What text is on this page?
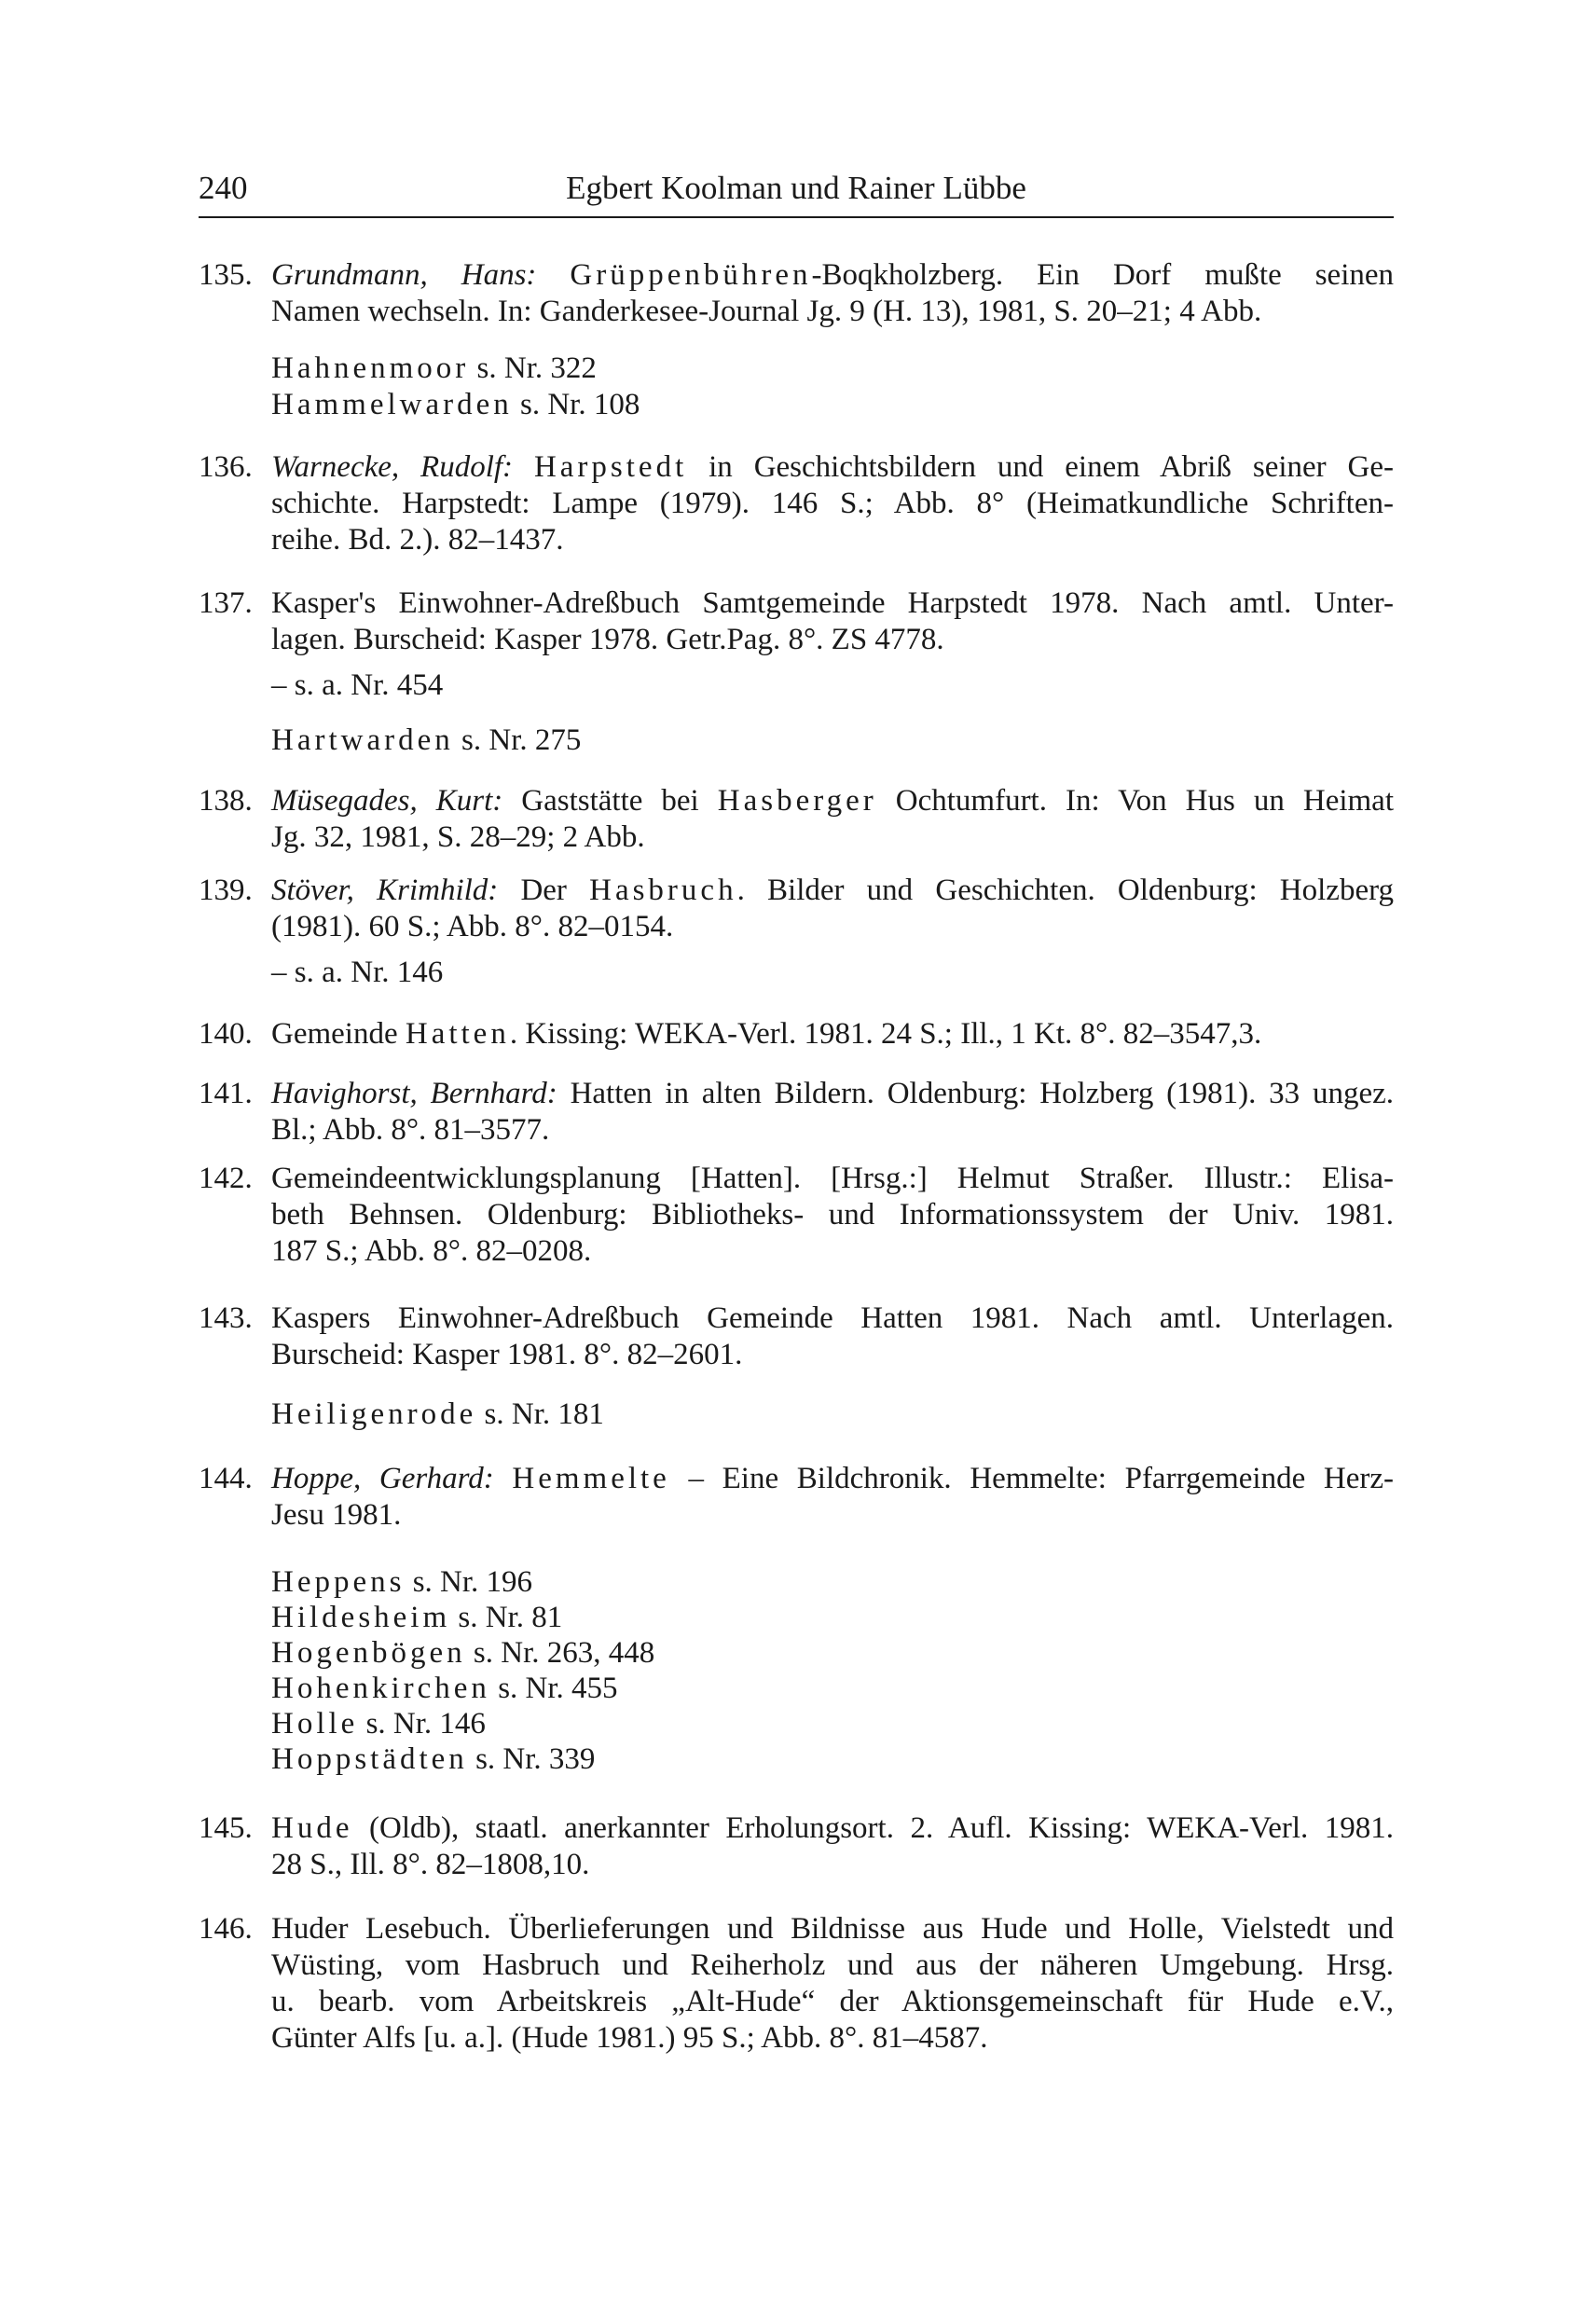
240	Egbert Koolman und Rainer Lübbe
135. Grundmann, Hans: Grüppenbühren-Boqkholzberg. Ein Dorf mußte seinen
Namen wechseln. In: Ganderkesee-Journal Jg. 9 (H. 13), 1981, S. 20–21; 4 Abb.
Hahnenmoor s. Nr. 322
Hammelwarden s. Nr. 108
136. Warnecke, Rudolf: Harpstedt in Geschichtsbildern und einem Abriß seiner Ge-
schichte. Harpstedt: Lampe (1979). 146 S.; Abb. 8° (Heimatkundliche Schriften-
reihe. Bd. 2.). 82–1437.
137. Kasper's Einwohner-Adreßbuch Samtgemeinde Harpstedt 1978. Nach amtl. Unter-
lagen. Burscheid: Kasper 1978. Getr.Pag. 8°. ZS 4778.
– s. a. Nr. 454
Hartwarden s. Nr. 275
138. Müsegades, Kurt: Gaststätte bei Hasberger Ochtumfurt. In: Von Hus un Heimat
Jg. 32, 1981, S. 28–29; 2 Abb.
139. Stöver, Krimhild: Der Hasbruch. Bilder und Geschichten. Oldenburg: Holzberg
(1981). 60 S.; Abb. 8°. 82–0154.
– s. a. Nr. 146
140. Gemeinde Hatten. Kissing: WEKA-Verl. 1981. 24 S.; Ill., 1 Kt. 8°. 82–3547,3.
141. Havighorst, Bernhard: Hatten in alten Bildern. Oldenburg: Holzberg (1981). 33 ungez.
Bl.; Abb. 8°. 81–3577.
142. Gemeindeentwicklungsplanung [Hatten]. [Hrsg.:] Helmut Straßer. Illustr.: Elisa-
beth Behnsen. Oldenburg: Bibliotheks- und Informationssystem der Univ. 1981.
187 S.; Abb. 8°. 82–0208.
143. Kaspers Einwohner-Adreßbuch Gemeinde Hatten 1981. Nach amtl. Unterlagen.
Burscheid: Kasper 1981. 8°. 82–2601.
Heiligenrode s. Nr. 181
144. Hoppe, Gerhard: Hemmelte – Eine Bildchronik. Hemmelte: Pfarrgemeinde Herz-
Jesu 1981.
Heppens s. Nr. 196
Hildesheim s. Nr. 81
Hogenbögen s. Nr. 263, 448
Hohenkirchen s. Nr. 455
Holle s. Nr. 146
Hoppstädten s. Nr. 339
145. Hude (Oldb), staatl. anerkannter Erholungsort. 2. Aufl. Kissing: WEKA-Verl. 1981.
28 S., Ill. 8°. 82–1808,10.
146. Huder Lesebuch. Überlieferungen und Bildnisse aus Hude und Holle, Vielstedt und
Wüsting, vom Hasbruch und Reiherholz und aus der näheren Umgebung. Hrsg.
u. bearb. vom Arbeitskreis „Alt-Hude“ der Aktionsgemeinschaft für Hude e.V.,
Günter Alfs [u. a.]. (Hude 1981.) 95 S.; Abb. 8°. 81–4587.
